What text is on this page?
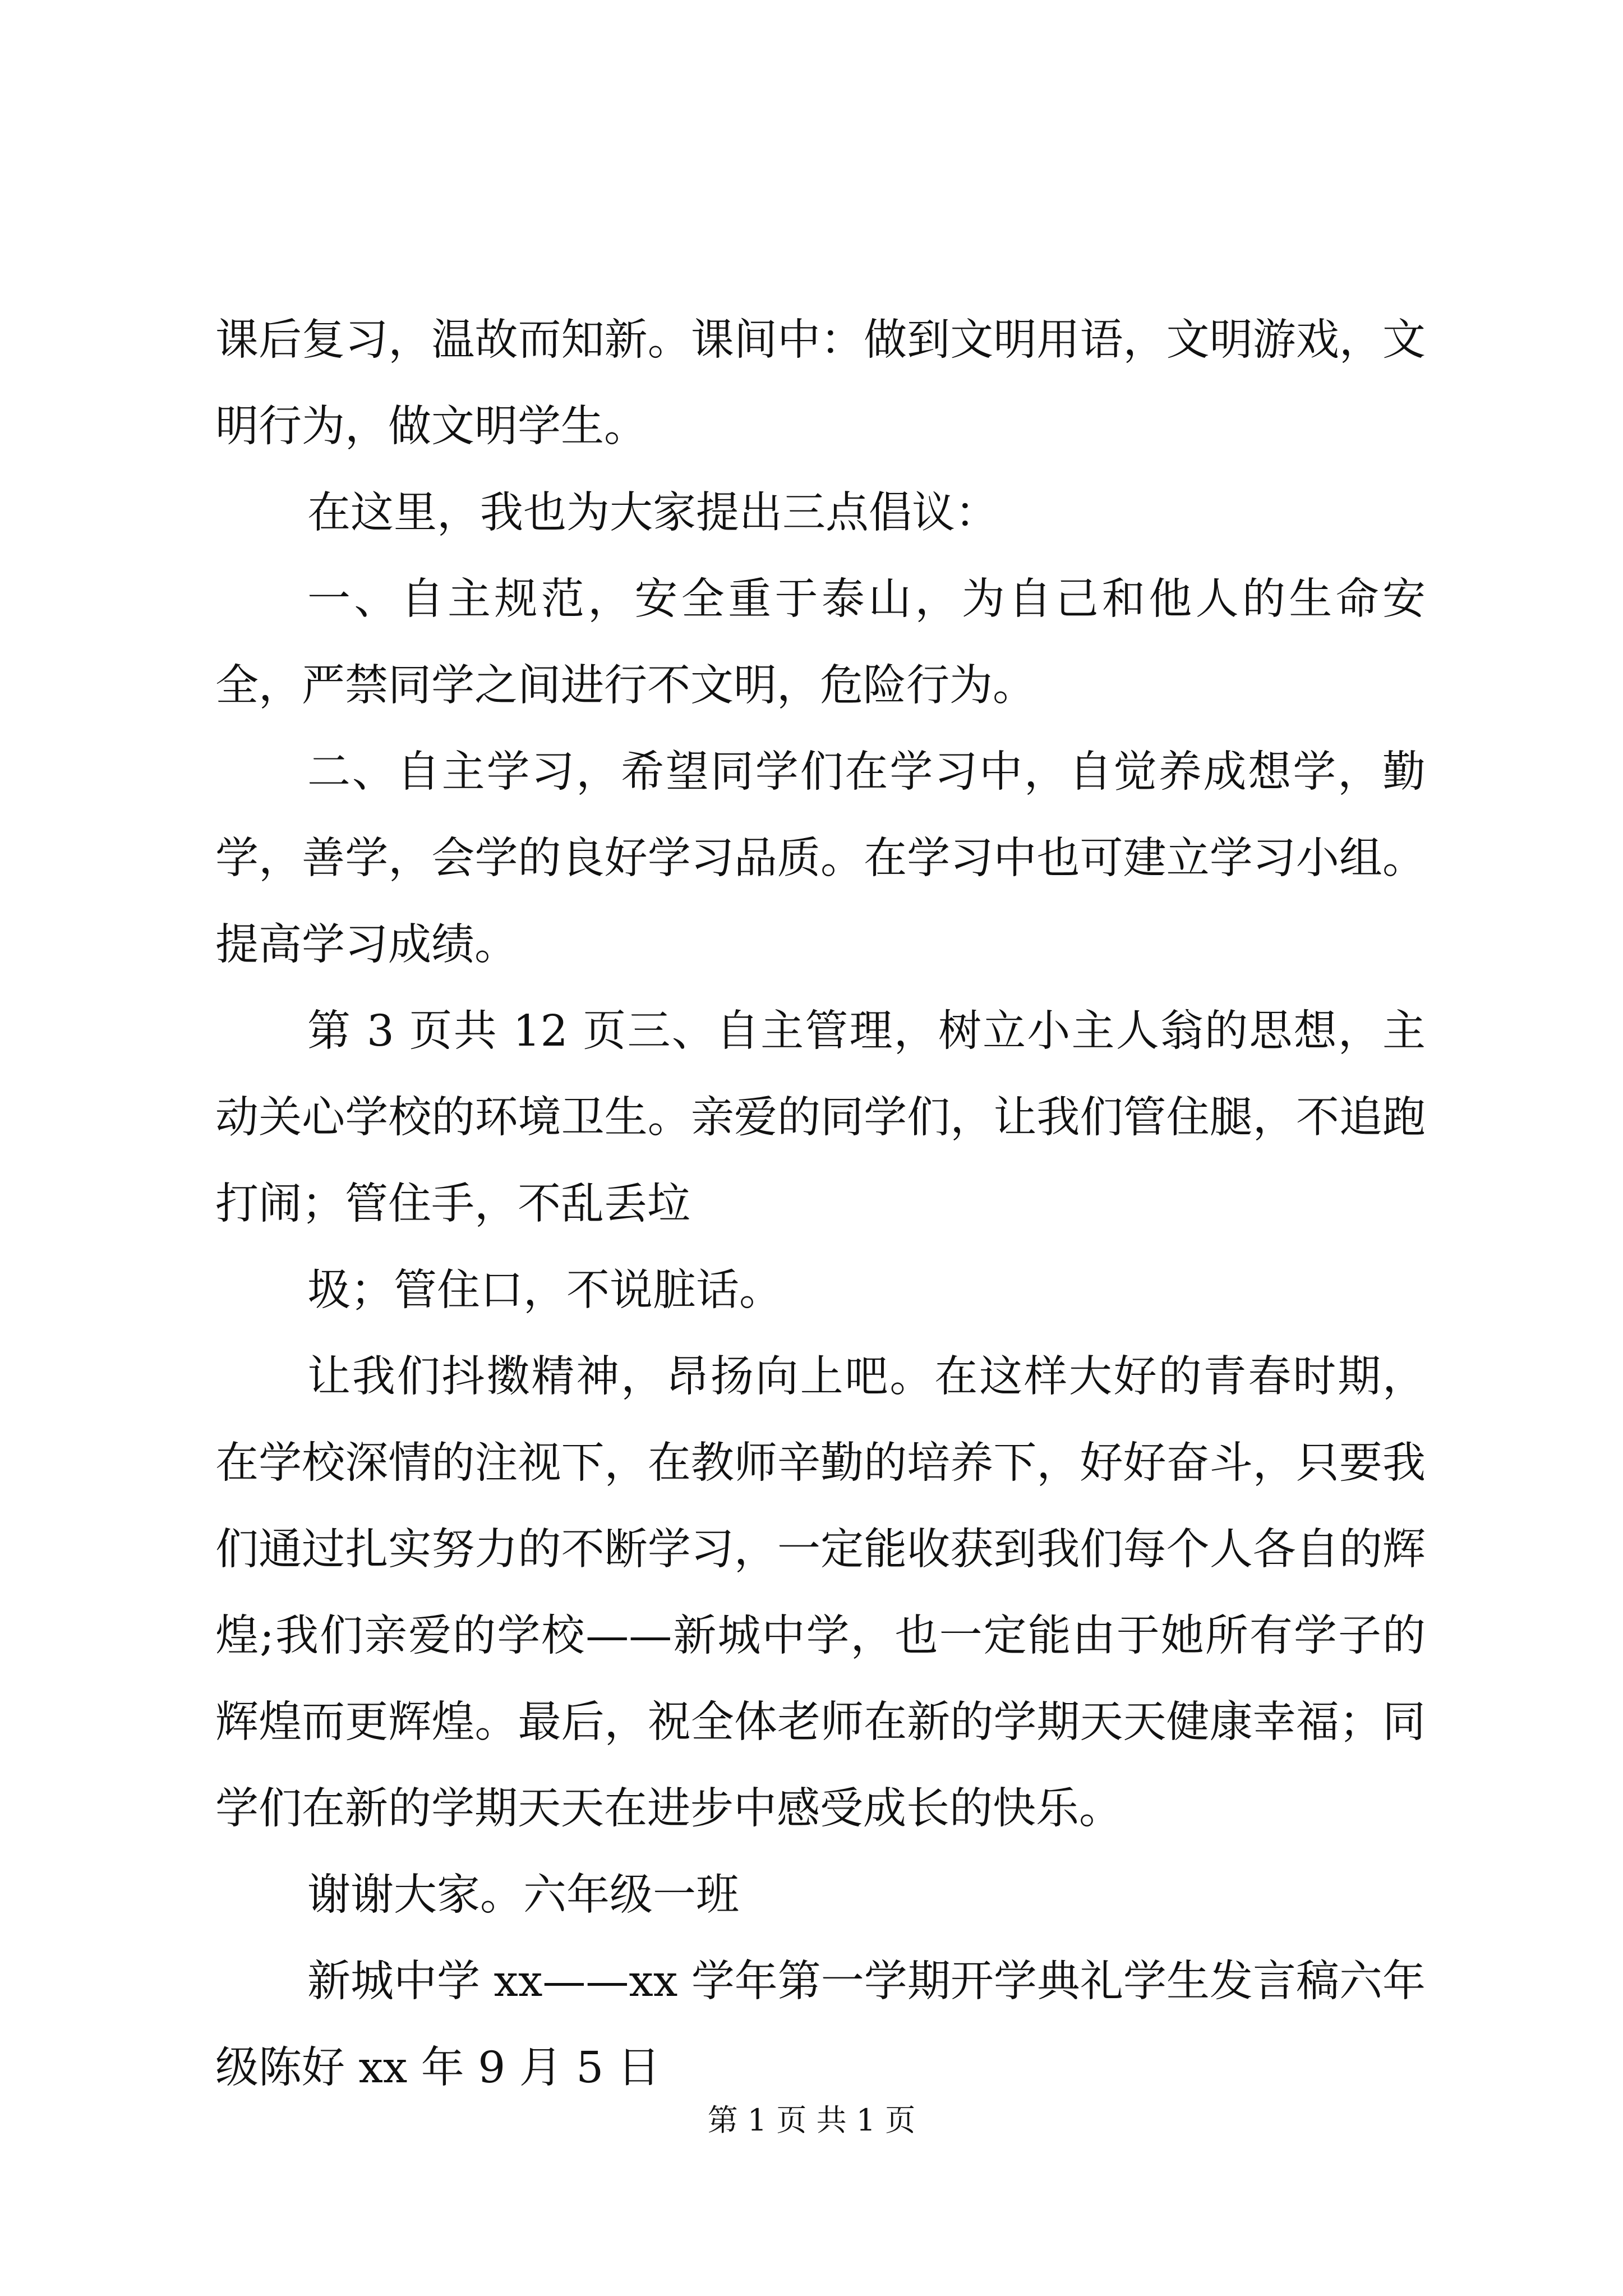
课后复习，温故而知新。课间中：做到文明用语，文明游戏，文明行为，做文明学生。

在这里，我也为大家提出三点倡议：

一、自主规范，安全重于泰山，为自己和他人的生命安全，严禁同学之间进行不文明，危险行为。

二、自主学习，希望同学们在学习中，自觉养成想学，勤学，善学，会学的良好学习品质。在学习中也可建立学习小组。提高学习成绩。

第 3 页共 12 页三、自主管理，树立小主人翁的思想，主动关心学校的环境卫生。亲爱的同学们，让我们管住腿，不追跑打闹；管住手，不乱丢垃

圾；管住口，不说脏话。

让我们抖擞精神，昂扬向上吧。在这样大好的青春时期，在学校深情的注视下，在教师辛勤的培养下，好好奋斗，只要我们通过扎实努力的不断学习，一定能收获到我们每个人各自的辉煌;我们亲爱的学校——新城中学，也一定能由于她所有学子的辉煌而更辉煌。最后，祝全体老师在新的学期天天健康幸福；同学们在新的学期天天在进步中感受成长的快乐。

谢谢大家。六年级一班

新城中学 xx——xx 学年第一学期开学典礼学生发言稿六年级陈好 xx 年 9 月 5 日

第 1 页 共 1 页
